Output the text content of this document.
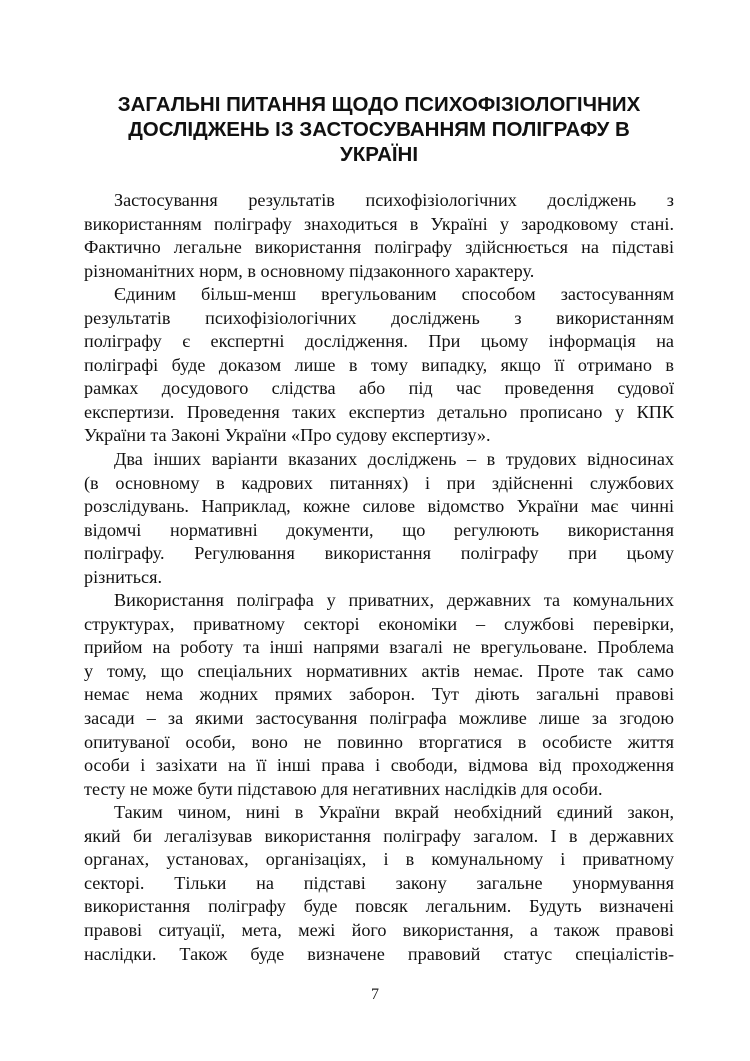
ЗАГАЛЬНІ ПИТАННЯ ЩОДО ПСИХОФІЗІОЛОГІЧНИХ
ДОСЛІДЖЕНЬ ІЗ ЗАСТОСУВАННЯМ ПОЛІГРАФУ В
УКРАЇНІ

Застосування результатів психофізіологічних досліджень з
використанням поліграфу знаходиться в Україні у зародковому стані.
Фактично легальне використання поліграфу здійснюється на підставі
різноманітних норм, в основному підзаконного характеру.

Єдиним більш-менш врегульованим способом застосуванням
результатів психофізіологічних досліджень з використанням
поліграфу є експертні дослідження. При цьому інформація на
поліграфі буде доказом лише в тому випадку, якщо її отримано в
рамках досудового слідства або під час проведення судової
експертизи. Проведення таких експертиз детально прописано у КПК
України та Законі України «Про судову експертизу».

Два інших варіанти вказаних досліджень – в трудових відносинах
(в основному в кадрових питаннях) і при здійсненні службових
розслідувань. Наприклад, кожне силове відомство України має чинні
відомчі нормативні документи, що регулюють використання
поліграфу. Регулювання використання поліграфу при цьому
різниться.

Використання поліграфа у приватних, державних та комунальних
структурах, приватному секторі економіки – службові перевірки,
прийом на роботу та інші напрями взагалі не врегульоване. Проблема
у тому, що спеціальних нормативних актів немає. Проте так само
немає нема жодних прямих заборон. Тут діють загальні правові
засади – за якими застосування поліграфа можливе лише за згодою
опитуваної особи, воно не повинно вторгатися в особисте життя
особи і зазіхати на її інші права і свободи, відмова від проходження
тесту не може бути підставою для негативних наслідків для особи.

Таким чином, нині в України вкрай необхідний єдиний закон,
який би легалізував використання поліграфу загалом. І в державних
органах, установах, організаціях, і в комунальному і приватному
секторі. Тільки на підставі закону загальне унормування
використання поліграфу буде повсяк легальним. Будуть визначені
правові ситуації, мета, межі його використання, а також правові
наслідки. Також буде визначене правовий статус спеціалістів-

7
